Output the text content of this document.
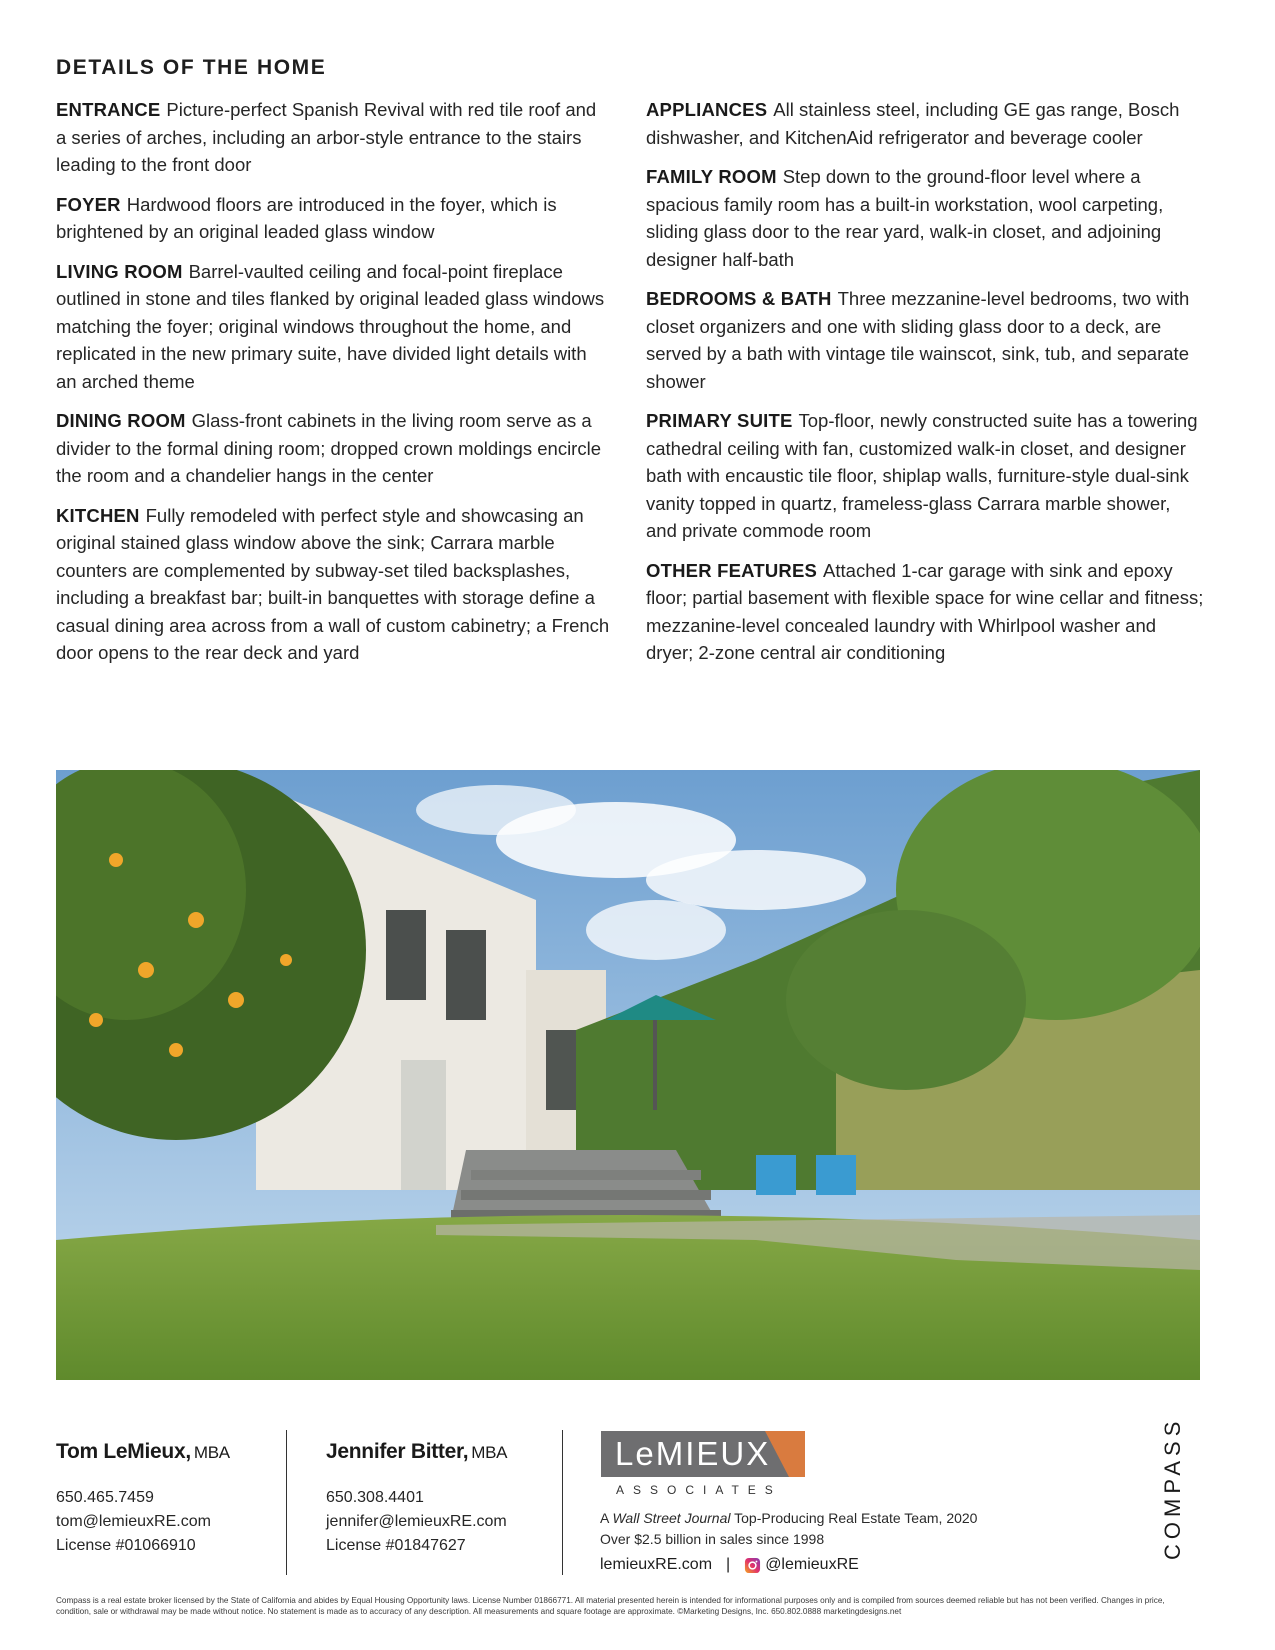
DETAILS OF THE HOME

ENTRANCE Picture-perfect Spanish Revival with red tile roof and a series of arches, including an arbor-style entrance to the stairs leading to the front door

FOYER Hardwood floors are introduced in the foyer, which is brightened by an original leaded glass window

LIVING ROOM Barrel-vaulted ceiling and focal-point fireplace outlined in stone and tiles flanked by original leaded glass windows matching the foyer; original windows throughout the home, and replicated in the new primary suite, have divided light details with an arched theme

DINING ROOM Glass-front cabinets in the living room serve as a divider to the formal dining room; dropped crown moldings encircle the room and a chandelier hangs in the center

KITCHEN Fully remodeled with perfect style and showcasing an original stained glass window above the sink; Carrara marble counters are complemented by subway-set tiled backsplashes, including a breakfast bar; built-in banquettes with storage define a casual dining area across from a wall of custom cabinetry; a French door opens to the rear deck and yard

APPLIANCES All stainless steel, including GE gas range, Bosch dishwasher, and KitchenAid refrigerator and beverage cooler

FAMILY ROOM Step down to the ground-floor level where a spacious family room has a built-in workstation, wool carpeting, sliding glass door to the rear yard, walk-in closet, and adjoining designer half-bath

BEDROOMS & BATH Three mezzanine-level bedrooms, two with closet organizers and one with sliding glass door to a deck, are served by a bath with vintage tile wainscot, sink, tub, and separate shower

PRIMARY SUITE Top-floor, newly constructed suite has a towering cathedral ceiling with fan, customized walk-in closet, and designer bath with encaustic tile floor, shiplap walls, furniture-style dual-sink vanity topped in quartz, frameless-glass Carrara marble shower, and private commode room

OTHER FEATURES Attached 1-car garage with sink and epoxy floor; partial basement with flexible space for wine cellar and fitness; mezzanine-level concealed laundry with Whirlpool washer and dryer; 2-zone central air conditioning

Tom LeMieux, MBA
650.465.7459
tom@lemieuxRE.com
License #01066910
Jennifer Bitter, MBA
650.308.4401
jennifer@lemieuxRE.com
License #01847627
LeMIEUX
ASSOCIATES
A Wall Street Journal Top-Producing Real Estate Team, 2020
Over $2.5 billion in sales since 1998
lemieuxRE.com | @lemieuxRE
COMPASS
Compass is a real estate broker licensed by the State of California and abides by Equal Housing Opportunity laws. License Number 01866771. All material presented herein is intended for informational purposes only and is compiled from sources deemed reliable but has not been verified. Changes in price, condition, sale or withdrawal may be made without notice. No statement is made as to accuracy of any description. All measurements and square footage are approximate. ©Marketing Designs, Inc. 650.802.0888 marketingdesigns.net
